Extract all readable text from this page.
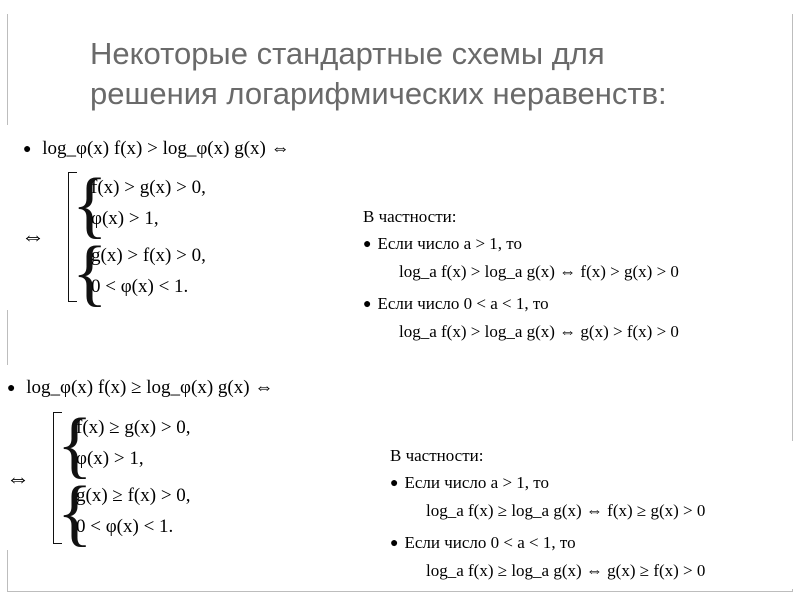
Некоторые стандартные схемы для
решения логарифмических неравенств:
● log_φ(x) f(x) > log_φ(x) g(x) ⇔
⇔ {
{
f(x) > g(x) > 0,
φ(x) > 1,
g(x) > f(x) > 0,
0 < φ(x) < 1.
В частности:
● Если число a > 1, то
log_a f(x) > log_a g(x) ⇔ f(x) > g(x) > 0
● Если число 0 < a < 1, то
log_a f(x) > log_a g(x) ⇔ g(x) > f(x) > 0
● log_φ(x) f(x) ≥ log_φ(x) g(x) ⇔
⇔ {
{
f(x) ≥ g(x) > 0,
φ(x) > 1,
g(x) ≥ f(x) > 0,
0 < φ(x) < 1.
В частности:
● Если число a > 1, то
log_a f(x) ≥ log_a g(x) ⇔ f(x) ≥ g(x) > 0
● Если число 0 < a < 1, то
log_a f(x) ≥ log_a g(x) ⇔ g(x) ≥ f(x) > 0
